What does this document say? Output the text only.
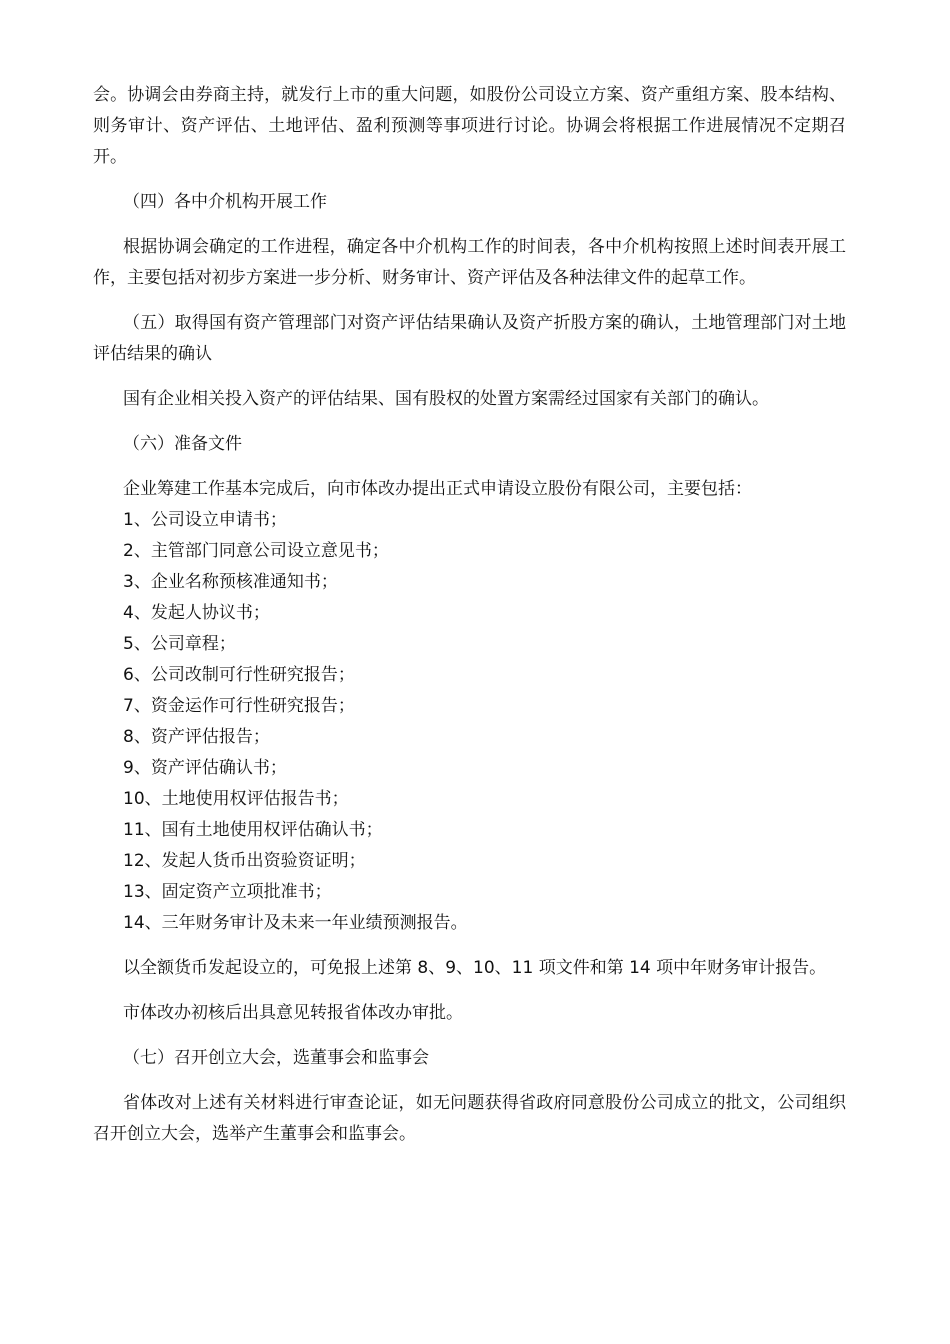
会。协调会由券商主持，就发行上市的重大问题，如股份公司设立方案、资产重组方案、股本结构、则务审计、资产评估、土地评估、盈利预测等事项进行讨论。协调会将根据工作进展情况不定期召开。

（四）各中介机构开展工作

根据协调会确定的工作进程，确定各中介机构工作的时间表，各中介机构按照上述时间表开展工作，主要包括对初步方案进一步分析、财务审计、资产评估及各种法律文件的起草工作。

（五）取得国有资产管理部门对资产评估结果确认及资产折股方案的确认，土地管理部门对土地评估结果的确认

国有企业相关投入资产的评估结果、国有股权的处置方案需经过国家有关部门的确认。

（六）准备文件

企业筹建工作基本完成后，向市体改办提出正式申请设立股份有限公司，主要包括：

1、公司设立申请书；
2、主管部门同意公司设立意见书；
3、企业名称预核准通知书；
4、发起人协议书；
5、公司章程；
6、公司改制可行性研究报告；
7、资金运作可行性研究报告；
8、资产评估报告；
9、资产评估确认书；
10、土地使用权评估报告书；
11、国有土地使用权评估确认书；
12、发起人货币出资验资证明；
13、固定资产立项批准书；
14、三年财务审计及未来一年业绩预测报告。

以全额货币发起设立的，可免报上述第 8、9、10、11 项文件和第 14 项中年财务审计报告。

市体改办初核后出具意见转报省体改办审批。

（七）召开创立大会，选董事会和监事会

省体改对上述有关材料进行审查论证，如无问题获得省政府同意股份公司成立的批文，公司组织召开创立大会，选举产生董事会和监事会。
